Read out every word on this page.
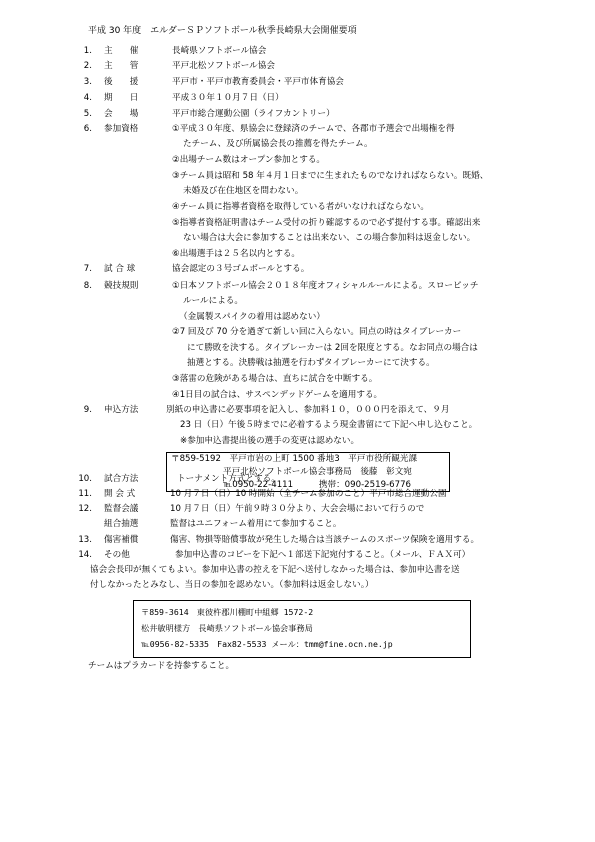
平成 30 年度　エルダーＳＰソフトボール秋季長崎県大会開催要項
1. 主　　催	長崎県ソフトボール協会
2. 主　　管	平戸北松ソフトボール協会
3. 後　　援	平戸市・平戸市教育委員会・平戸市体育協会
4. 期　　日	平成３０年１０月７日（日）
5. 会　　場	平戸市総合運動公園（ライフカントリー）
6. 参加資格	①平成３０年度、県協会に登録済のチームで、各郡市予選会で出場権を得
たチーム、及び所属協会長の推薦を得たチーム。
②出場チーム数はオープン参加とする。
③チーム員は昭和 58 年４月１日までに生まれたものでなければならない。既婚、
未婚及び在住地区を問わない。
④チーム員に指導者資格を取得している者がいなければならない。
⑤指導者資格証明書はチーム受付の折り確認するので必ず提付する事。確認出来
ない場合は大会に参加することは出来ない、この場合参加料は返金しない。
⑥出場選手は２５名以内とする。
7. 試 合 球	協会認定の３号ゴムボールとする。
8. 競技規則	①日本ソフトボール協会２０１８年度オフィシャルルールによる。スローピッチ
ルールによる。
（金属製スパイクの着用は認めない）
②7 回及び 70 分を過ぎて新しい回に入らない。同点の時はタイブレーカー
にて勝敗を決する。タイブレーカーは 2回を限度とする。なお同点の場合は
抽選とする。決勝戦は抽選を行わずタイブレーカーにて決する。
③落雷の危険がある場合は、直ちに試合を中断する。
④1日目の試合は、サスペンデッドゲームを適用する。
9. 申込方法	別紙の申込書に必要事項を記入し、参加料１０，０００円を添えて、９月
23 日（日）午後５時までに必着するよう現金書留にて下記へ申し込むこと。
※参加申込書提出後の選手の変更は認めない。
〒859-5192　平戸市岩の上町 1500 番地3　平戸市役所観光課
平戸北松ソフトボール協会事務局　後藤　彰文宛
℡0950-22-4111　　　携帯：090-2519-6776
10. 試合方法	トーナメント方式とする。
11. 開 会 式	10 月７日（日）10 時開始（全チーム参加のこと）平戸市総合運動公園
12. 監督会議	10 月７日（日）午前９時３０分より、大会会場において行うので
組合抽選	監督はユニフォーム着用にて参加すること。
13. 傷害補償	傷害、物損等賠償事故が発生した場合は当該チームのスポーツ保険を適用する。
14. その他	参加申込書のコピーを下記へ１部送下記宛付すること。（メール、ＦＡＸ可）
協会会長印が無くてもよい。参加申込書の控えを下記へ送付しなかった場合は、参加申込書を送
付しなかったとみなし、当日の参加を認めない。（参加料は返金しない。）
〒859-3614　東彼杵郡川棚町中組郷 1572-2
松井敏明様方　長崎県ソフトボール協会事務局
℡0956-82-5335　Fax82-5533 メール：tmm@fine.ocn.ne.jp
チームはプラカードを持参すること。
